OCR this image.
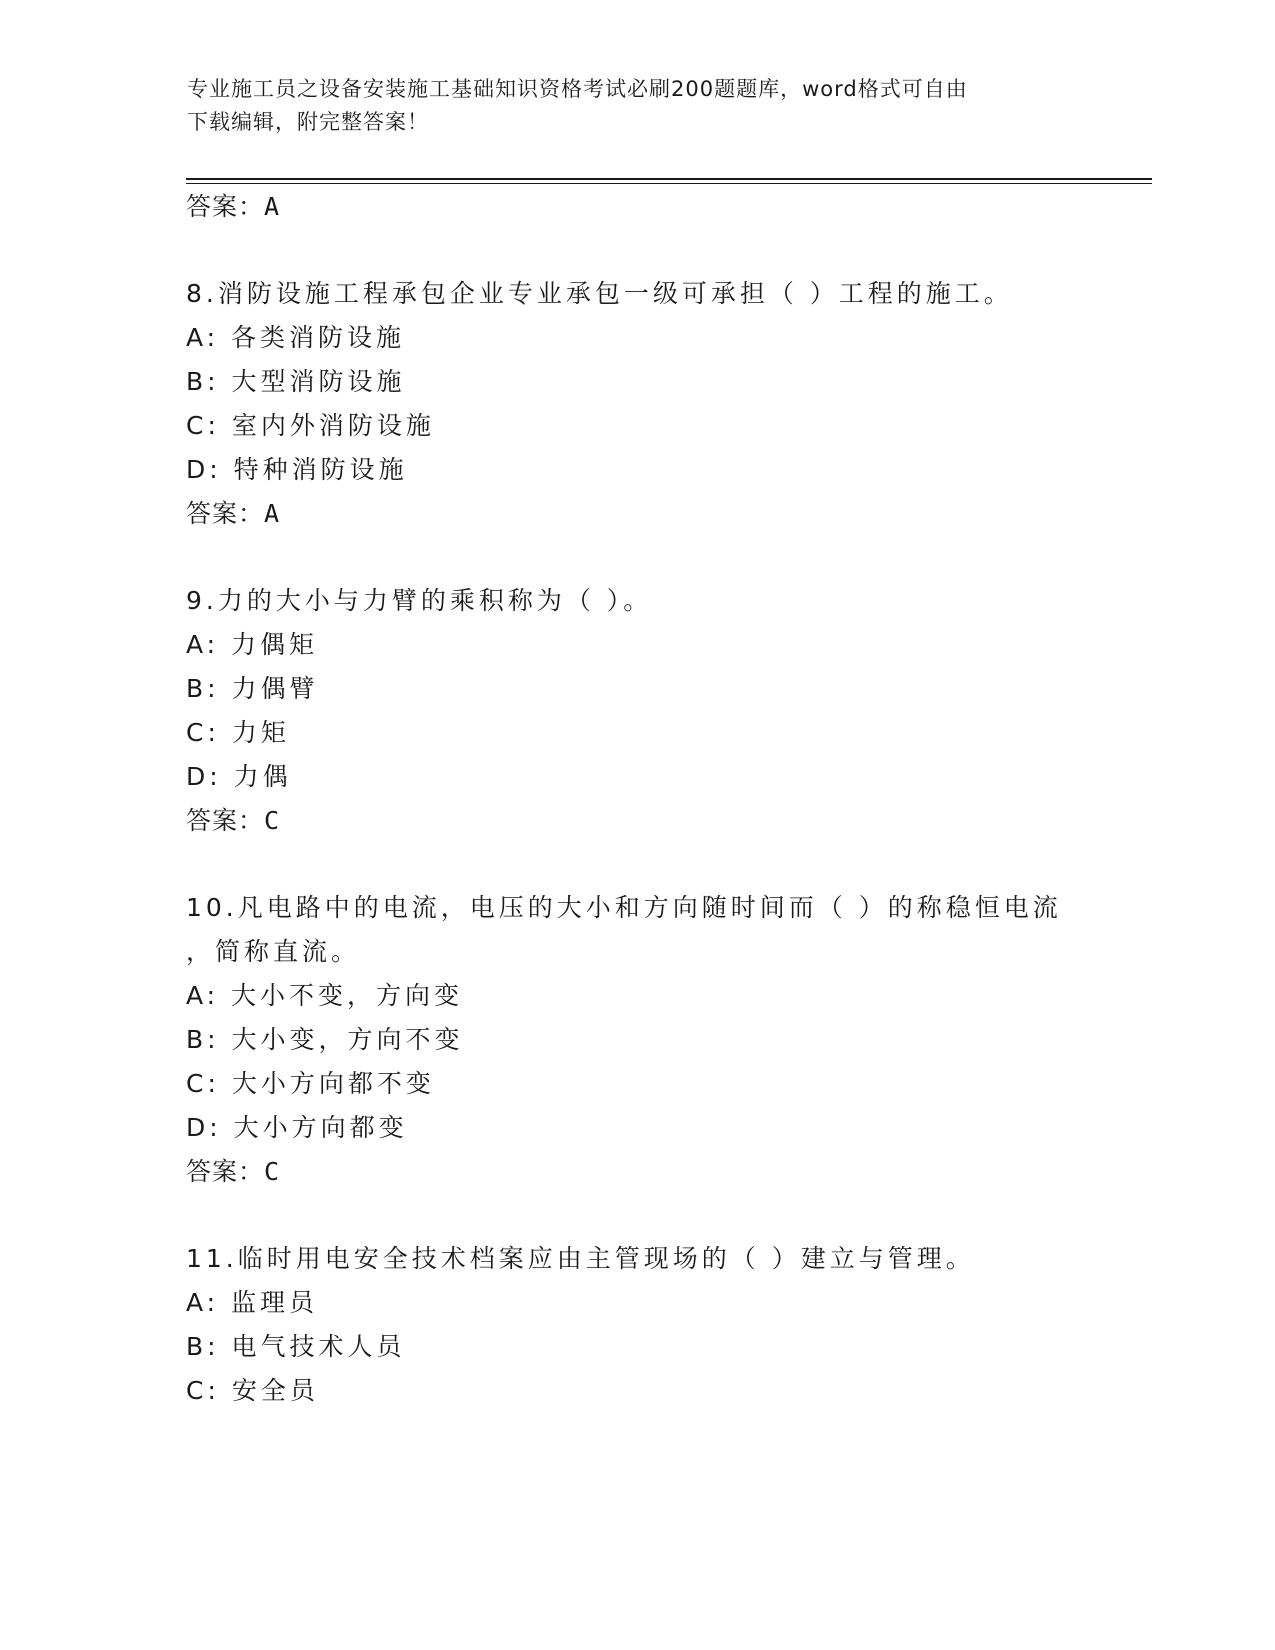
专业施工员之设备安装施工基础知识资格考试必刷200题题库，word格式可自由
下载编辑，附完整答案！
答案：A
8.消防设施工程承包企业专业承包一级可承担（ ）工程的施工。
A: 各类消防设施
B: 大型消防设施
C: 室内外消防设施
D: 特种消防设施
答案：A
9.力的大小与力臂的乘积称为（ ）。
A: 力偶矩
B: 力偶臂
C: 力矩
D: 力偶
答案：C
10.凡电路中的电流，电压的大小和方向随时间而（ ）的称稳恒电流
，简称直流。
A: 大小不变，方向变
B: 大小变，方向不变
C: 大小方向都不变
D: 大小方向都变
答案：C
11.临时用电安全技术档案应由主管现场的（ ）建立与管理。
A: 监理员
B: 电气技术人员
C: 安全员
